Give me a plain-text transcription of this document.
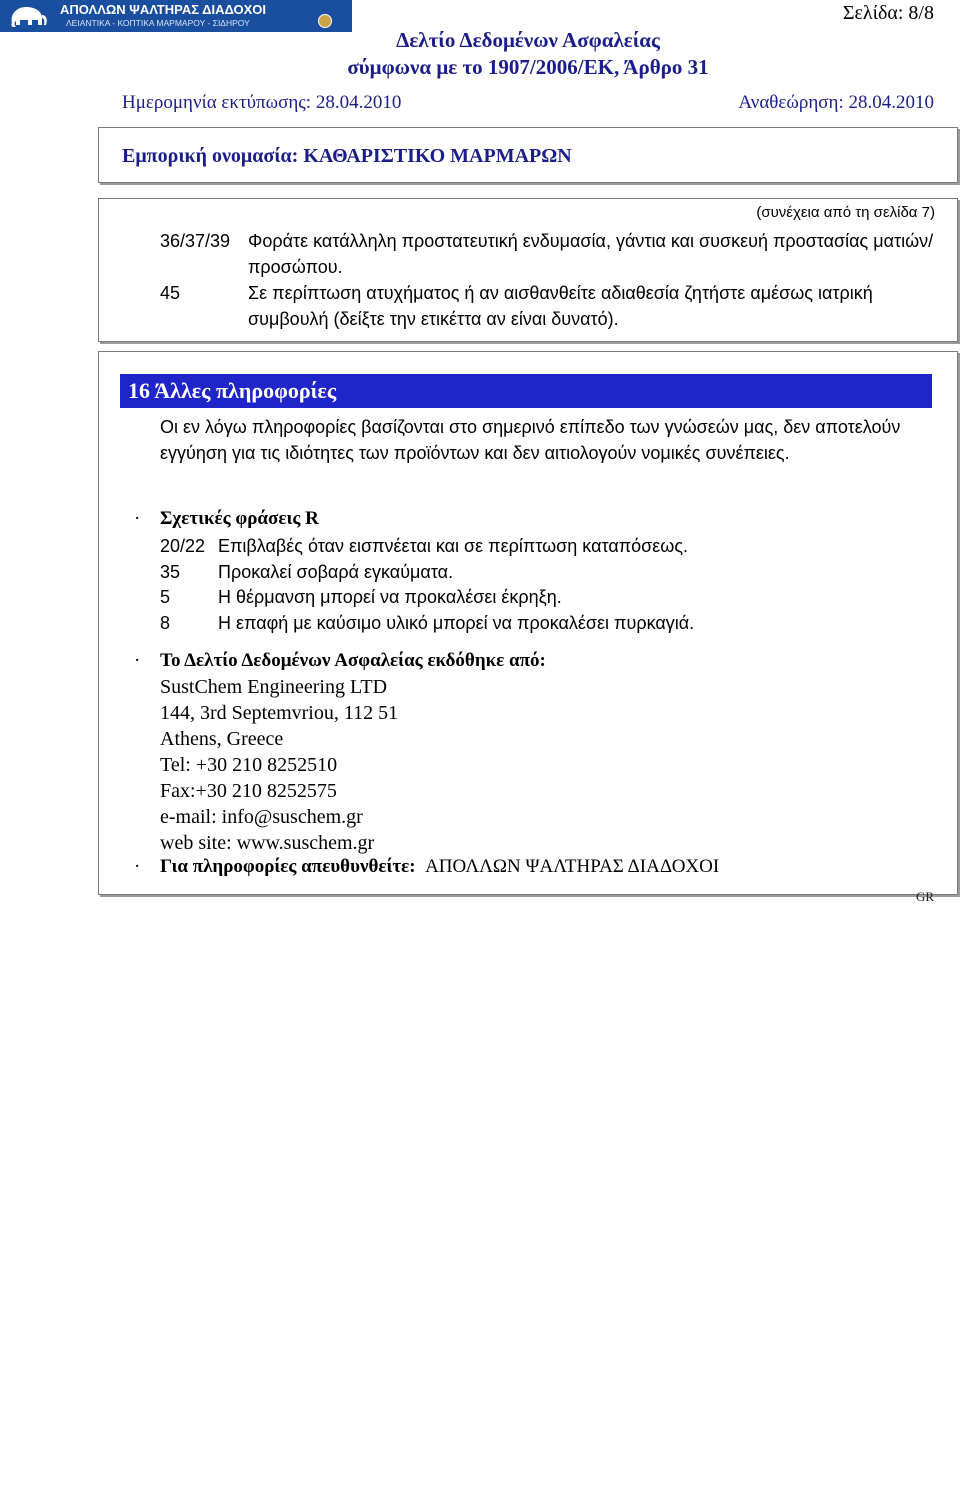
ΑΠΟΛΛΩΝ ΨΑΛΤΗΡΑΣ ΔΙΑΔΟΧΟΙ
ΛΕΙΑΝΤΙΚΑ - ΚΟΠΤΙΚΑ ΜΑΡΜΑΡΟΥ - ΣΙΔΗΡΟΥ	Σελίδα: 8/8
Δελτίο Δεδομένων Ασφαλείας
σύμφωνα με το 1907/2006/ΕΚ, Άρθρο 31
Ημερομηνία εκτύπωσης: 28.04.2010	Αναθεώρηση: 28.04.2010
Εμπορική ονομασία: ΚΑΘΑΡΙΣΤΙΚΟ ΜΑΡΜΑΡΩΝ
(συνέχεια από τη σελίδα 7)
36/37/39 Φοράτε κατάλληλη προστατευτική ενδυμασία, γάντια και συσκευή προστασίας ματιών/προσώπου.
45	Σε περίπτωση ατυχήματος ή αν αισθανθείτε αδιαθεσία ζητήστε αμέσως ιατρική συμβουλή (δείξτε την ετικέττα αν είναι δυνατό).
16 Άλλες πληροφορίες
Οι εν λόγω πληροφορίες βασίζονται στο σημερινό επίπεδο των γνώσεών μας, δεν αποτελούν εγγύηση για τις ιδιότητες των προϊόντων και δεν αιτιολογούν νομικές συνέπειες.
· Σχετικές φράσεις R
20/22 Επιβλαβές όταν εισπνέεται και σε περίπτωση καταπόσεως.
35 Προκαλεί σοβαρά εγκαύματα.
5	Η θέρμανση μπορεί να προκαλέσει έκρηξη.
8	Η επαφή με καύσιμο υλικό μπορεί να προκαλέσει πυρκαγιά.
· Το Δελτίο Δεδομένων Ασφαλείας εκδόθηκε από:
SustChem Engineering LTD
144, 3rd Septemvriou, 112 51
Athens, Greece
Tel: +30 210 8252510
Fax:+30 210 8252575
e-mail: info@suschem.gr
web site: www.suschem.gr
· Για πληροφορίες απευθυνθείτε: ΑΠΟΛΛΩΝ ΨΑΛΤΗΡΑΣ ΔΙΑΔΟΧΟΙ
GR
